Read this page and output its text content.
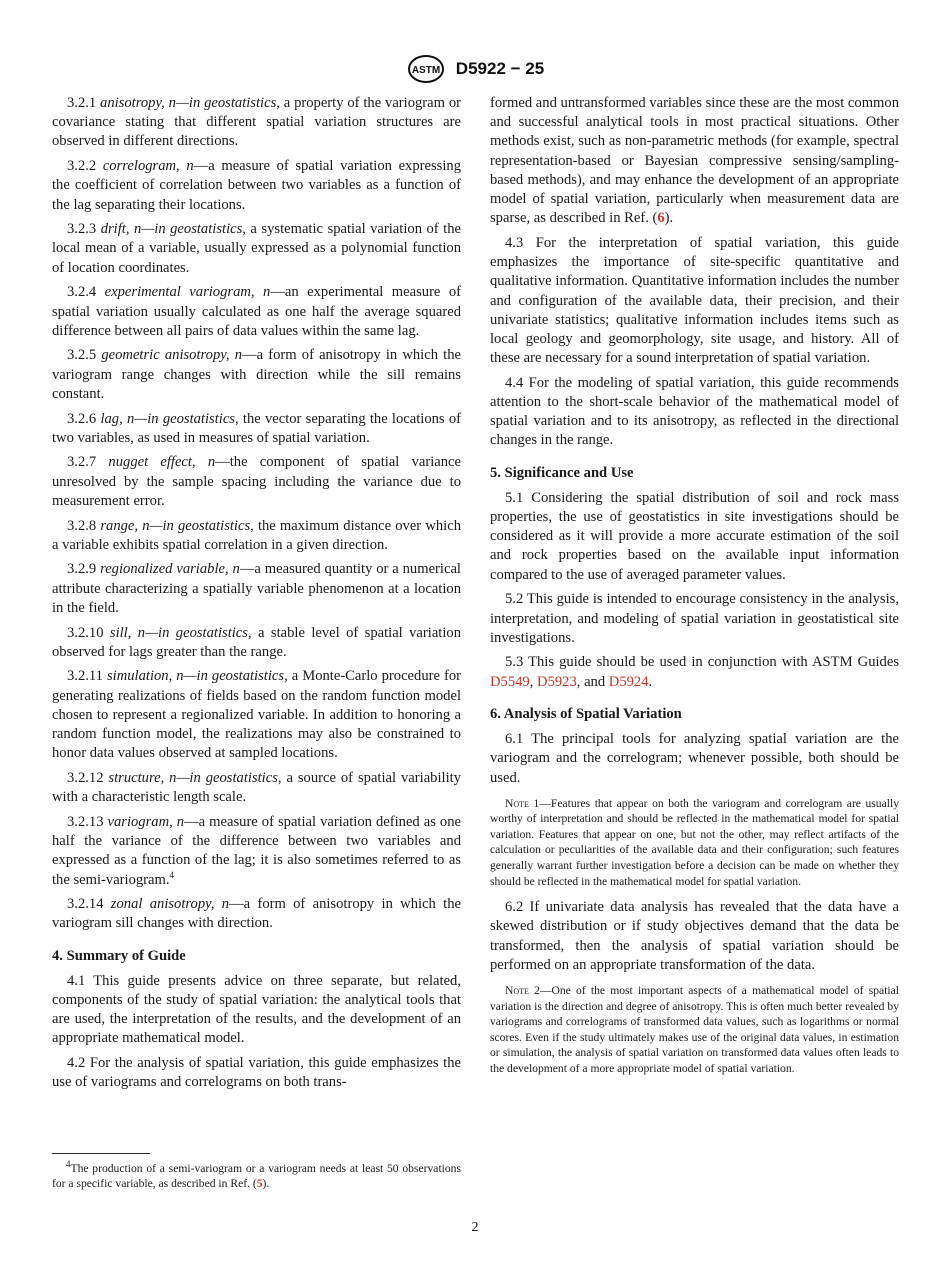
ASTM D5922 − 25

3.2.1 anisotropy, n—in geostatistics, a property of the variogram or covariance stating that different spatial variation structures are observed in different directions.

3.2.2 correlogram, n—a measure of spatial variation expressing the coefficient of correlation between two variables as a function of the lag separating their locations.

3.2.3 drift, n—in geostatistics, a systematic spatial variation of the local mean of a variable, usually expressed as a polynomial function of location coordinates.

3.2.4 experimental variogram, n—an experimental measure of spatial variation usually calculated as one half the average squared difference between all pairs of data values within the same lag.

3.2.5 geometric anisotropy, n—a form of anisotropy in which the variogram range changes with direction while the sill remains constant.

3.2.6 lag, n—in geostatistics, the vector separating the locations of two variables, as used in measures of spatial variation.

3.2.7 nugget effect, n—the component of spatial variance unresolved by the sample spacing including the variance due to measurement error.

3.2.8 range, n—in geostatistics, the maximum distance over which a variable exhibits spatial correlation in a given direction.

3.2.9 regionalized variable, n—a measured quantity or a numerical attribute characterizing a spatially variable phenomenon at a location in the field.

3.2.10 sill, n—in geostatistics, a stable level of spatial variation observed for lags greater than the range.

3.2.11 simulation, n—in geostatistics, a Monte-Carlo procedure for generating realizations of fields based on the random function model chosen to represent a regionalized variable. In addition to honoring a random function model, the realizations may also be constrained to honor data values observed at sampled locations.

3.2.12 structure, n—in geostatistics, a source of spatial variability with a characteristic length scale.

3.2.13 variogram, n—a measure of spatial variation defined as one half the variance of the difference between two variables and expressed as a function of the lag; it is also sometimes referred to as the semi-variogram.$^4$

3.2.14 zonal anisotropy, n—a form of anisotropy in which the variogram sill changes with direction.

4. Summary of Guide

4.1 This guide presents advice on three separate, but related, components of the study of spatial variation: the analytical tools that are used, the interpretation of the results, and the development of an appropriate mathematical model.

4.2 For the analysis of spatial variation, this guide emphasizes the use of variograms and correlograms on both trans-

$^4$The production of a semi-variogram or a variogram needs at least 50 observations for a specific variable, as described in Ref. (5).

formed and untransformed variables since these are the most common and successful analytical tools in most practical situations. Other methods exist, such as non-parametric methods (for example, spectral representation-based or Bayesian compressive sensing/sampling-based methods), and may enhance the development of an appropriate model of spatial variation, particularly when measurement data are sparse, as described in Ref. (6).

4.3 For the interpretation of spatial variation, this guide emphasizes the importance of site-specific quantitative and qualitative information. Quantitative information includes the number and configuration of the available data, their precision, and their univariate statistics; qualitative information includes items such as local geology and geomorphology, site usage, and history. All of these are necessary for a sound interpretation of spatial variation.

4.4 For the modeling of spatial variation, this guide recommends attention to the short-scale behavior of the mathematical model of spatial variation and to its anisotropy, as reflected in the directional changes in the range.

5. Significance and Use

5.1 Considering the spatial distribution of soil and rock mass properties, the use of geostatistics in site investigations should be considered as it will provide a more accurate estimation of the soil and rock properties based on the available input information compared to the use of averaged parameter values.

5.2 This guide is intended to encourage consistency in the analysis, interpretation, and modeling of spatial variation in geostatistical site investigations.

5.3 This guide should be used in conjunction with ASTM Guides D5549, D5923, and D5924.

6. Analysis of Spatial Variation

6.1 The principal tools for analyzing spatial variation are the variogram and the correlogram; whenever possible, both should be used.

Note 1—Features that appear on both the variogram and correlogram are usually worthy of interpretation and should be reflected in the mathematical model for spatial variation. Features that appear on one, but not the other, may reflect artifacts of the calculation or peculiarities of the available data and their configuration; such features generally warrant further investigation before a decision can be made on whether they should be reflected in the mathematical model for spatial variation.

6.2 If univariate data analysis has revealed that the data have a skewed distribution or if study objectives demand that the data be transformed, then the analysis of spatial variation should be performed on an appropriate transformation of the data.

Note 2—One of the most important aspects of a mathematical model of spatial variation is the direction and degree of anisotropy. This is often much better revealed by variograms and correlograms of transformed data values, such as logarithms or normal scores. Even if the study ultimately makes use of the original data values, in estimation or simulation, the analysis of spatial variation on transformed data values often leads to the development of a more appropriate model of spatial variation.

2
